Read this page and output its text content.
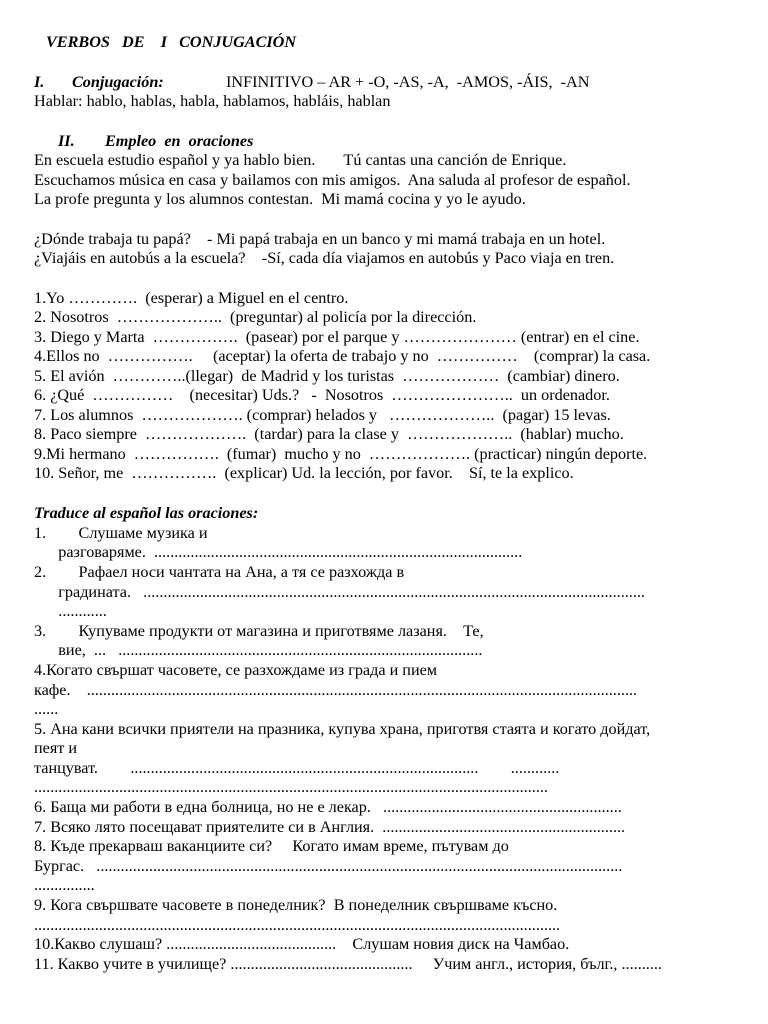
VERBOS   DE    I   CONJUGACIÓN
I. Conjugación:	INFINITIVO – AR + -O, -AS, -A,  -AMOS, -ÁIS,  -AN
Hablar: hablo, hablas, habla, hablamos, habláis, hablan
II. Empleo  en  oraciones
En escuela estudio español y ya hablo bien.       Tú cantas una canción de Enrique.
Escuchamos música en casa y bailamos con mis amigos.  Ana saluda al profesor de español.
La profe pregunta y los alumnos contestan.  Mi mamá cocina y yo le ayudo.
¿Dónde trabaja tu papá?    - Mi papá trabaja en un banco y mi mamá trabaja en un hotel.
¿Viajáis en autobús a la escuela?    -Sí, cada día viajamos en autobús y Paco viaja en tren.
1.Yo ………….  (esperar) a Miguel en el centro.
2. Nosotros  ………………..  (preguntar) al policía por la dirección.
3. Diego y Marta  …………….  (pasear) por el parque y ………………… (entrar) en el cine.
4.Ellos no  …………….     (aceptar) la oferta de trabajo y no  ……………    (comprar) la casa.
5. El avión  …………..(llegar)  de Madrid y los turistas  ………………  (cambiar) dinero.
6. ¿Qué  ……………    (necesitar) Uds.?   -  Nosotros  …………………..  un ordenador.
7. Los alumnos  ………………. (comprar) helados y   ………………..  (pagar) 15 levas.
8. Paco siempre  ……………….  (tardar) para la clase y  ………………..  (hablar) mucho.
9.Mi hermano  …………….  (fumar)  mucho y no  ………………. (practicar) ningún deporte.
10. Señor, me  …………….  (explicar) Ud. la lección, por favor.    Sí, te la explico.
Traduce al español las oraciones:
1.        Слушаме музика и
разговаряме.  ...........................................................................................
2.        Рафаел носи чантата на Ана, а тя се разхожда в
градината.   ............................................................................................................................
............
3.        Купуваме продукти от магазина и приготвяме лазаня.    Те,
вие,  ...   ..........................................................................................
4.Когато свършат часовете, се разхождаме из града и пием
кафе.    ........................................................................................................................................
......
5. Ана кани всички приятели на празника, купува храна, приготвя стаята и когато дойдат,
пеят и
танцуват.        ......................................................................................        ............
...............................................................................................................................
6. Баща ми работи в една болница, но не е лекар.   ...........................................................
7. Всяко лято посещават приятелите си в Англия.  ............................................................
8. Къде прекарваш ваканциите си?     Когато имам време, пътувам до
Бургас.   ..................................................................................................................................
...............
9. Кога свършвате часовете в понеделник?  В понеделник свършваме късно.
..................................................................................................................................
10.Какво слушаш? ..........................................    Слушам новия диск на Чамбао.
11. Какво учите в училище? .............................................     Учим англ., история, бълг., ..........
